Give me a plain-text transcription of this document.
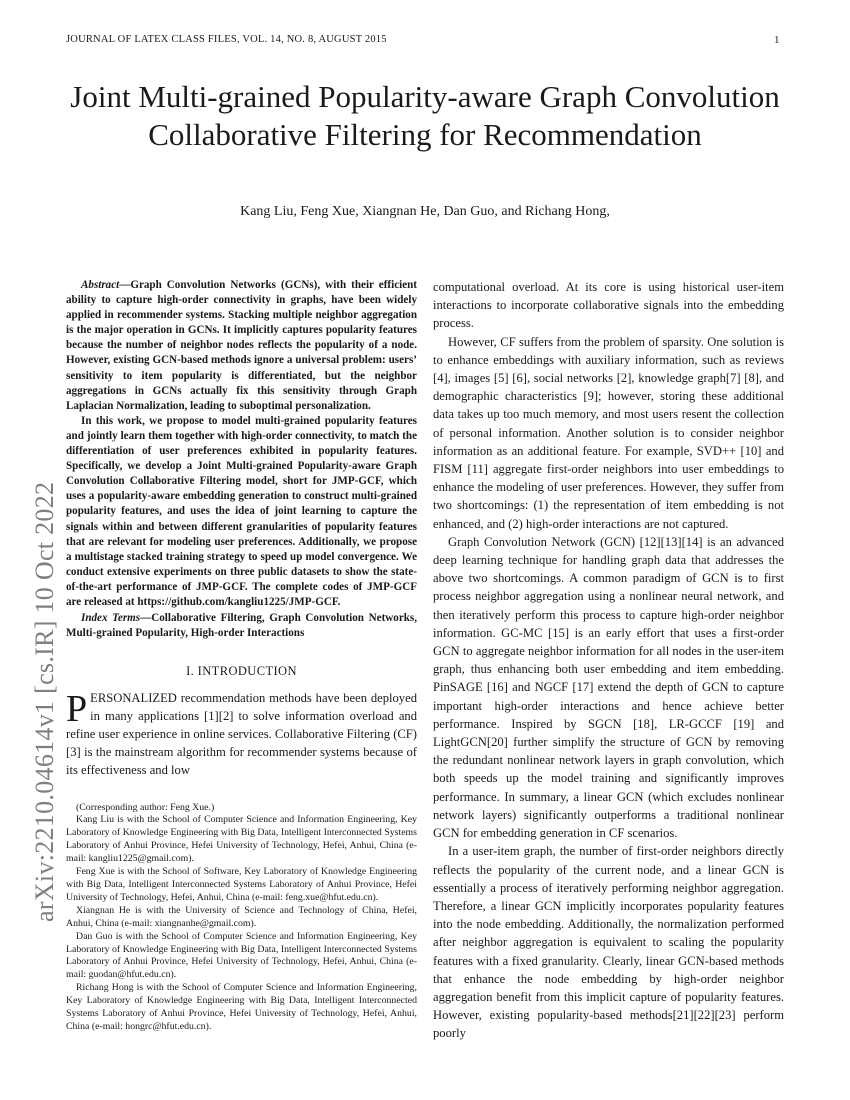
JOURNAL OF LATEX CLASS FILES, VOL. 14, NO. 8, AUGUST 2015	1
Joint Multi-grained Popularity-aware Graph Convolution Collaborative Filtering for Recommendation
Kang Liu, Feng Xue, Xiangnan He, Dan Guo, and Richang Hong,
arXiv:2210.04614v1 [cs.IR] 10 Oct 2022

Abstract—Graph Convolution Networks (GCNs), with their efficient ability to capture high-order connectivity in graphs, have been widely applied in recommender systems. Stacking multiple neighbor aggregation is the major operation in GCNs. It implicitly captures popularity features because the number of neighbor nodes reflects the popularity of a node. However, existing GCN-based methods ignore a universal problem: users’ sensitivity to item popularity is differentiated, but the neighbor aggregations in GCNs actually fix this sensitivity through Graph Laplacian Normalization, leading to suboptimal personalization.

In this work, we propose to model multi-grained popularity features and jointly learn them together with high-order connectivity, to match the differentiation of user preferences exhibited in popularity features. Specifically, we develop a Joint Multi-grained Popularity-aware Graph Convolution Collaborative Filtering model, short for JMP-GCF, which uses a popularity-aware embedding generation to construct multi-grained popularity features, and uses the idea of joint learning to capture the signals within and between different granularities of popularity features that are relevant for modeling user preferences. Additionally, we propose a multistage stacked training strategy to speed up model convergence. We conduct extensive experiments on three public datasets to show the state-of-the-art performance of JMP-GCF. The complete codes of JMP-GCF are released at https://github.com/kangliu1225/JMP-GCF.

Index Terms—Collaborative Filtering, Graph Convolution Networks, Multi-grained Popularity, High-order Interactions

I. INTRODUCTION

PERSONALIZED recommendation methods have been deployed in many applications [1][2] to solve information overload and refine user experience in online services. Collaborative Filtering (CF) [3] is the mainstream algorithm for recommender systems because of its effectiveness and low

(Corresponding author: Feng Xue.)

Kang Liu is with the School of Computer Science and Information Engineering, Key Laboratory of Knowledge Engineering with Big Data, Intelligent Interconnected Systems Laboratory of Anhui Province, Hefei University of Technology, Hefei, Anhui, China (e-mail: kangliu1225@gmail.com).

Feng Xue is with the School of Software, Key Laboratory of Knowledge Engineering with Big Data, Intelligent Interconnected Systems Laboratory of Anhui Province, Hefei University of Technology, Hefei, Anhui, China (e-mail: feng.xue@hfut.edu.cn).

Xiangnan He is with the University of Science and Technology of China, Hefei, Anhui, China (e-mail: xiangnanhe@gmail.com).

Dan Guo is with the School of Computer Science and Information Engineering, Key Laboratory of Knowledge Engineering with Big Data, Intelligent Interconnected Systems Laboratory of Anhui Province, Hefei University of Technology, Hefei, Anhui, China (e-mail: guodan@hfut.edu.cn).

Richang Hong is with the School of Computer Science and Information Engineering, Key Laboratory of Knowledge Engineering with Big Data, Intelligent Interconnected Systems Laboratory of Anhui Province, Hefei University of Technology, Hefei, Anhui, China (e-mail: hongrc@hfut.edu.cn).

computational overload. At its core is using historical user-item interactions to incorporate collaborative signals into the embedding process.

However, CF suffers from the problem of sparsity. One solution is to enhance embeddings with auxiliary information, such as reviews [4], images [5] [6], social networks [2], knowledge graph[7] [8], and demographic characteristics [9]; however, storing these additional data takes up too much memory, and most users resent the collection of personal information. Another solution is to consider neighbor information as an additional feature. For example, SVD++ [10] and FISM [11] aggregate first-order neighbors into user embeddings to enhance the modeling of user preferences. However, they suffer from two shortcomings: (1) the representation of item embedding is not enhanced, and (2) high-order interactions are not captured.

Graph Convolution Network (GCN) [12][13][14] is an advanced deep learning technique for handling graph data that addresses the above two shortcomings. A common paradigm of GCN is to first process neighbor aggregation using a nonlinear neural network, and then iteratively perform this process to capture high-order neighbor information. GC-MC [15] is an early effort that uses a first-order GCN to aggregate neighbor information for all nodes in the user-item graph, thus enhancing both user embedding and item embedding. PinSAGE [16] and NGCF [17] extend the depth of GCN to capture important high-order interactions and hence achieve better performance. Inspired by SGCN [18], LR-GCCF [19] and LightGCN[20] further simplify the structure of GCN by removing the redundant nonlinear network layers in graph convolution, which both speeds up the model training and significantly improves performance. In summary, a linear GCN (which excludes nonlinear network layers) significantly outperforms a traditional nonlinear GCN for embedding generation in CF scenarios.

In a user-item graph, the number of first-order neighbors directly reflects the popularity of the current node, and a linear GCN is essentially a process of iteratively performing neighbor aggregation. Therefore, a linear GCN implicitly incorporates popularity features into the node embedding. Additionally, the normalization performed after neighbor aggregation is equivalent to scaling the popularity features with a fixed granularity. Clearly, linear GCN-based methods that enhance the node embedding by high-order neighbor aggregation benefit from this implicit capture of popularity features. However, existing popularity-based methods[21][22][23] perform poorly
